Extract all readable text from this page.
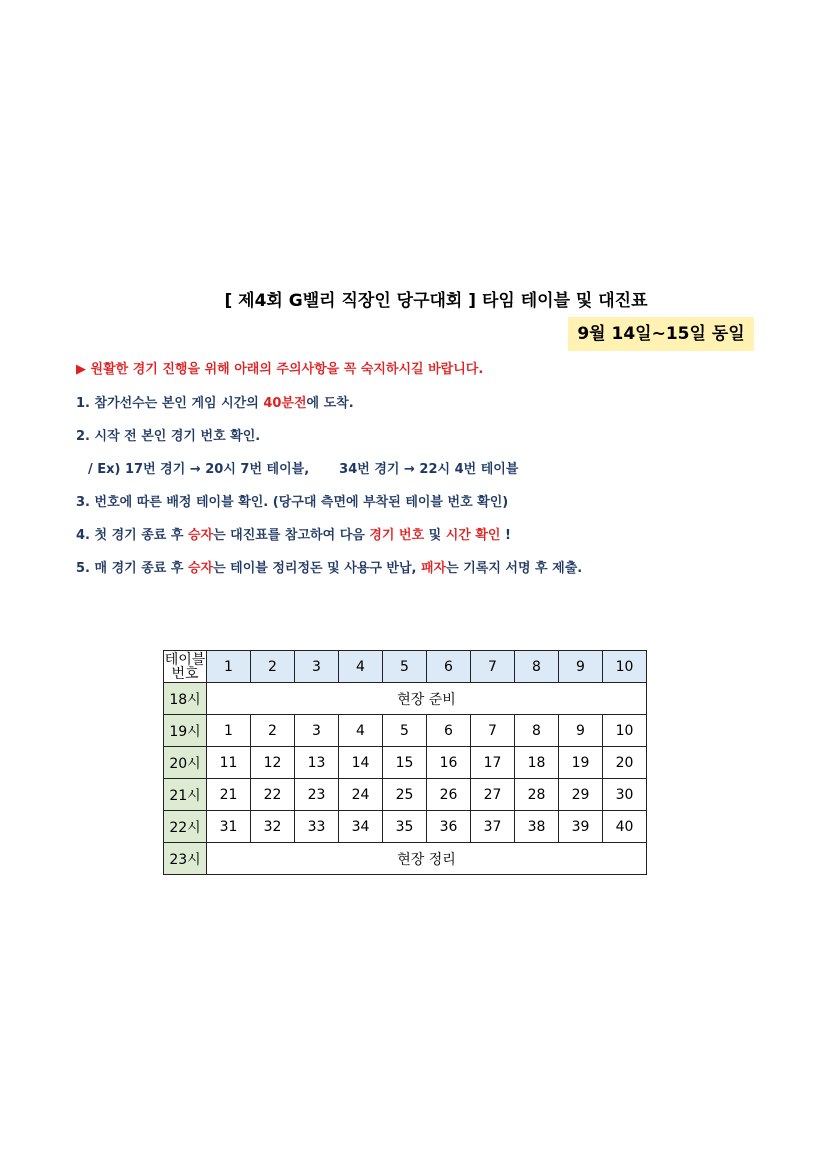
[ 제4회 G밸리 직장인 당구대회 ] 타임 테이블 및 대진표
9월 14일~15일 동일
▶ 원활한 경기 진행을 위해 아래의 주의사항을 꼭 숙지하시길 바랍니다.
1. 참가선수는 본인 게임 시간의 40분전에 도착.
2. 시작 전 본인 경기 번호 확인.
/ Ex) 17번 경기 → 20시 7번 테이블, 34번 경기 → 22시 4번 테이블
3. 번호에 따른 배정 테이블 확인. (당구대 측면에 부착된 테이블 번호 확인)
4. 첫 경기 종료 후 승자는 대진표를 참고하여 다음 경기 번호 및 시간 확인 !
5. 매 경기 종료 후 승자는 테이블 정리정돈 및 사용구 반납, 패자는 기록지 서명 후 제출.
테이블
번호	1	2	3	4	5	6	7	8	9	10
18시	현장 준비									
19시	1	2	3	4	5	6	7	8	9	10
20시	11	12	13	14	15	16	17	18	19	20
21시	21	22	23	24	25	26	27	28	29	30
22시	31	32	33	34	35	36	37	38	39	40
23시	현장 정리									
